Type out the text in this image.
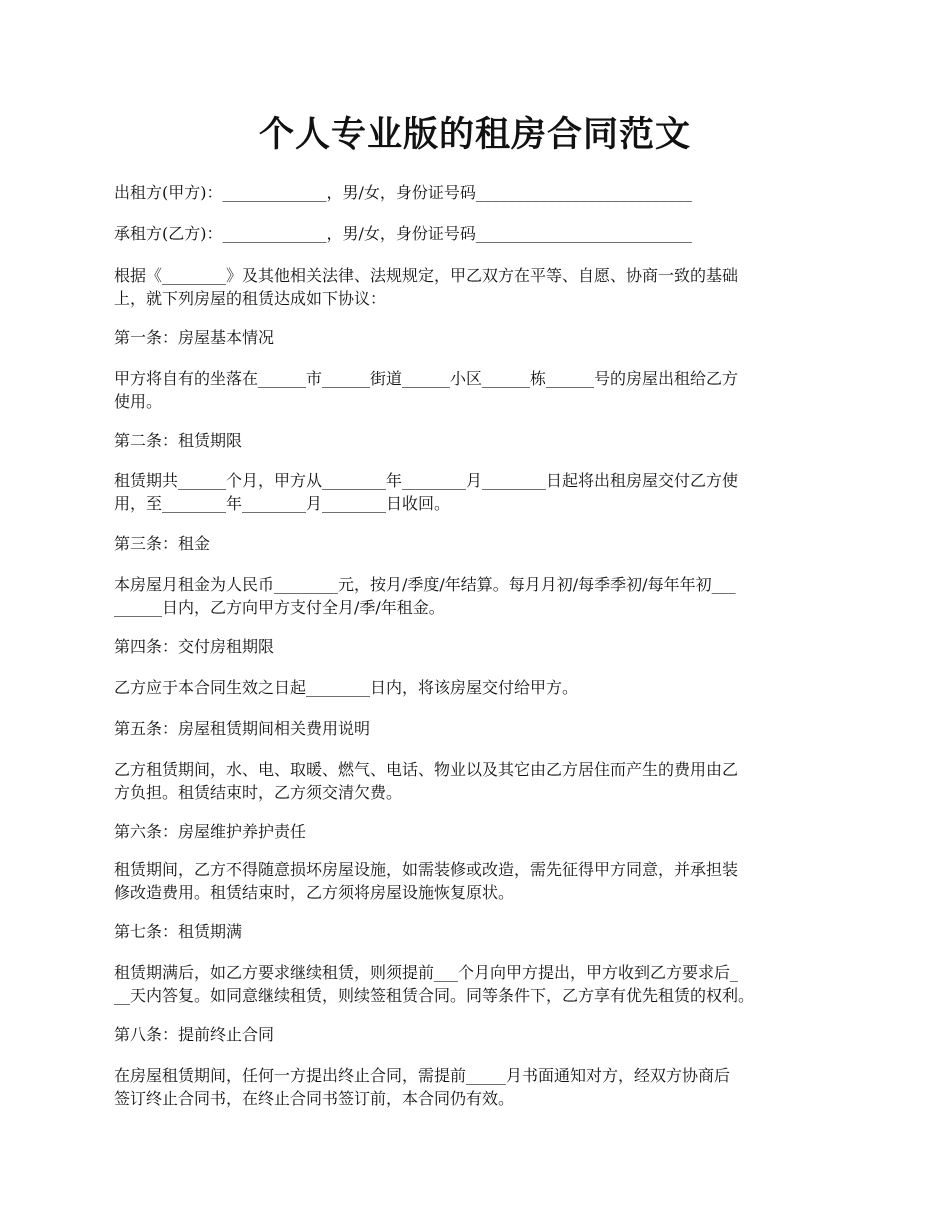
个人专业版的租房合同范文

出租方(甲方)：_____________，男/女，身份证号码___________________________

承租方(乙方)：_____________，男/女，身份证号码___________________________

根据《________》及其他相关法律、法规规定，甲乙双方在平等、自愿、协商一致的基础
上，就下列房屋的租赁达成如下协议：

第一条：房屋基本情况

甲方将自有的坐落在______市______街道______小区______栋______号的房屋出租给乙方
使用。

第二条：租赁期限

租赁期共______个月，甲方从________年________月________日起将出租房屋交付乙方使
用，至________年________月________日收回。

第三条：租金

本房屋月租金为人民币________元，按月/季度/年结算。每月月初/每季季初/每年年初___
______日内，乙方向甲方支付全月/季/年租金。

第四条：交付房租期限

乙方应于本合同生效之日起________日内，将该房屋交付给甲方。

第五条：房屋租赁期间相关费用说明

乙方租赁期间，水、电、取暖、燃气、电话、物业以及其它由乙方居住而产生的费用由乙
方负担。租赁结束时，乙方须交清欠费。

第六条：房屋维护养护责任

租赁期间，乙方不得随意损坏房屋设施，如需装修或改造，需先征得甲方同意，并承担装
修改造费用。租赁结束时，乙方须将房屋设施恢复原状。

第七条：租赁期满

租赁期满后，如乙方要求继续租赁，则须提前___个月向甲方提出，甲方收到乙方要求后_
__天内答复。如同意继续租赁，则续签租赁合同。同等条件下，乙方享有优先租赁的权利。

第八条：提前终止合同

在房屋租赁期间，任何一方提出终止合同，需提前_____月书面通知对方，经双方协商后
签订终止合同书，在终止合同书签订前，本合同仍有效。
